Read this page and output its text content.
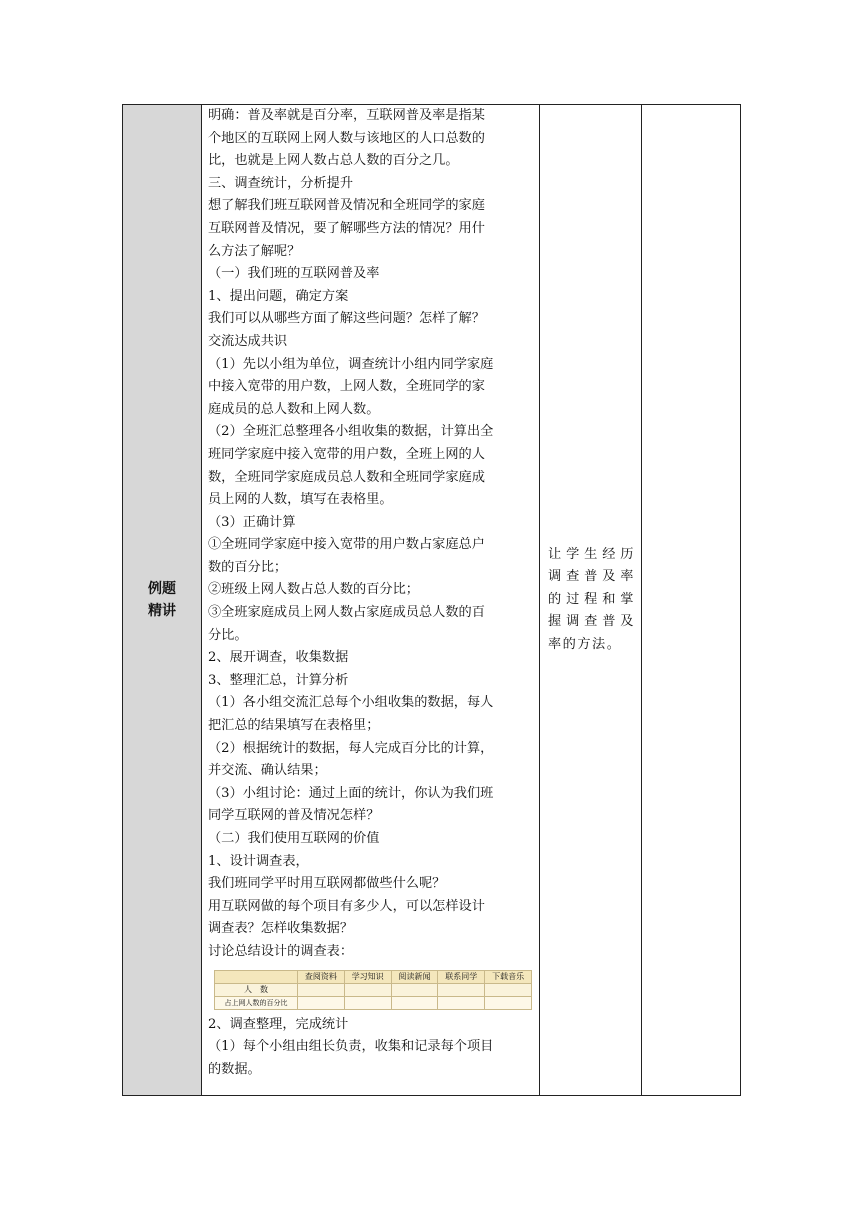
例题
精讲

明确：普及率就是百分率，互联网普及率是指某

个地区的互联网上网人数与该地区的人口总数的

比，也就是上网人数占总人数的百分之几。

三、调查统计，分析提升

想了解我们班互联网普及情况和全班同学的家庭

互联网普及情况，要了解哪些方法的情况？用什

么方法了解呢？

（一）我们班的互联网普及率

1、提出问题，确定方案

我们可以从哪些方面了解这些问题？怎样了解？

交流达成共识

（1）先以小组为单位，调查统计小组内同学家庭

中接入宽带的用户数，上网人数，全班同学的家

庭成员的总人数和上网人数。

（2）全班汇总整理各小组收集的数据，计算出全

班同学家庭中接入宽带的用户数，全班上网的人

数，全班同学家庭成员总人数和全班同学家庭成

员上网的人数，填写在表格里。

（3）正确计算

①全班同学家庭中接入宽带的用户数占家庭总户

数的百分比；

②班级上网人数占总人数的百分比；

③全班家庭成员上网人数占家庭成员总人数的百

分比。

2、展开调查，收集数据

3、整理汇总，计算分析

（1）各小组交流汇总每个小组收集的数据，每人

把汇总的结果填写在表格里；

（2）根据统计的数据，每人完成百分比的计算，

并交流、确认结果；

（3）小组讨论：通过上面的统计，你认为我们班

同学互联网的普及情况怎样？

（二）我们使用互联网的价值

1、设计调查表，

我们班同学平时用互联网都做些什么呢？

用互联网做的每个项目有多少人，可以怎样设计

调查表？怎样收集数据？

讨论总结设计的调查表：

	查阅资料	学习知识	阅读新闻	联系同学	下载音乐
人　数					
占上网人数的百分比					

2、调查整理，完成统计

（1）每个小组由组长负责，收集和记录每个项目

的数据。

让学生经历调查普及率的过程和掌握调查普及率的方法。
